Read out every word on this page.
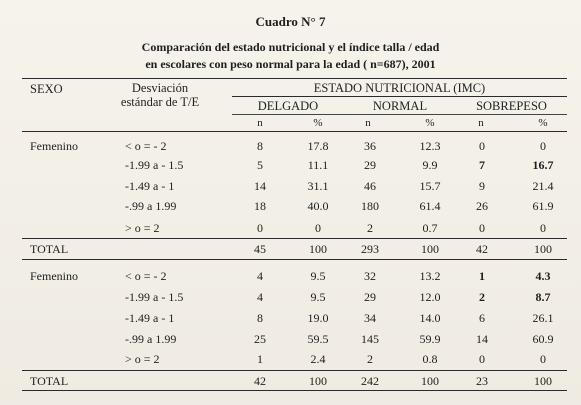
Cuadro N° 7
Comparación del estado nutricional y el índice talla / edad
en escolares con peso normal para la edad ( n=687), 2001
SEXO	Desviación
estándar de T/E
ESTADO NUTRICIONAL (IMC)
DELGADO	NORMAL	SOBREPESO
n	%	n	%	n	%
Femenino	< o = - 2	8	17.8	36	12.3	0	0
-1.99 a - 1.5	5	11.1	29	9.9	7	16.7
-1.49 a - 1	14	31.1	46	15.7	9	21.4
-.99 a 1.99	18	40.0	180	61.4	26	61.9
> o = 2	0	0	2	0.7	0	0
TOTAL	45	100	293	100	42	100
Femenino	< o = - 2	4	9.5	32	13.2	1	4.3
-1.99 a - 1.5	4	9.5	29	12.0	2	8.7
-1.49 a - 1	8	19.0	34	14.0	6	26.1
-.99 a 1.99	25	59.5	145	59.9	14	60.9
> o = 2	1	2.4	2	0.8	0	0
TOTAL	42	100	242	100	23	100
